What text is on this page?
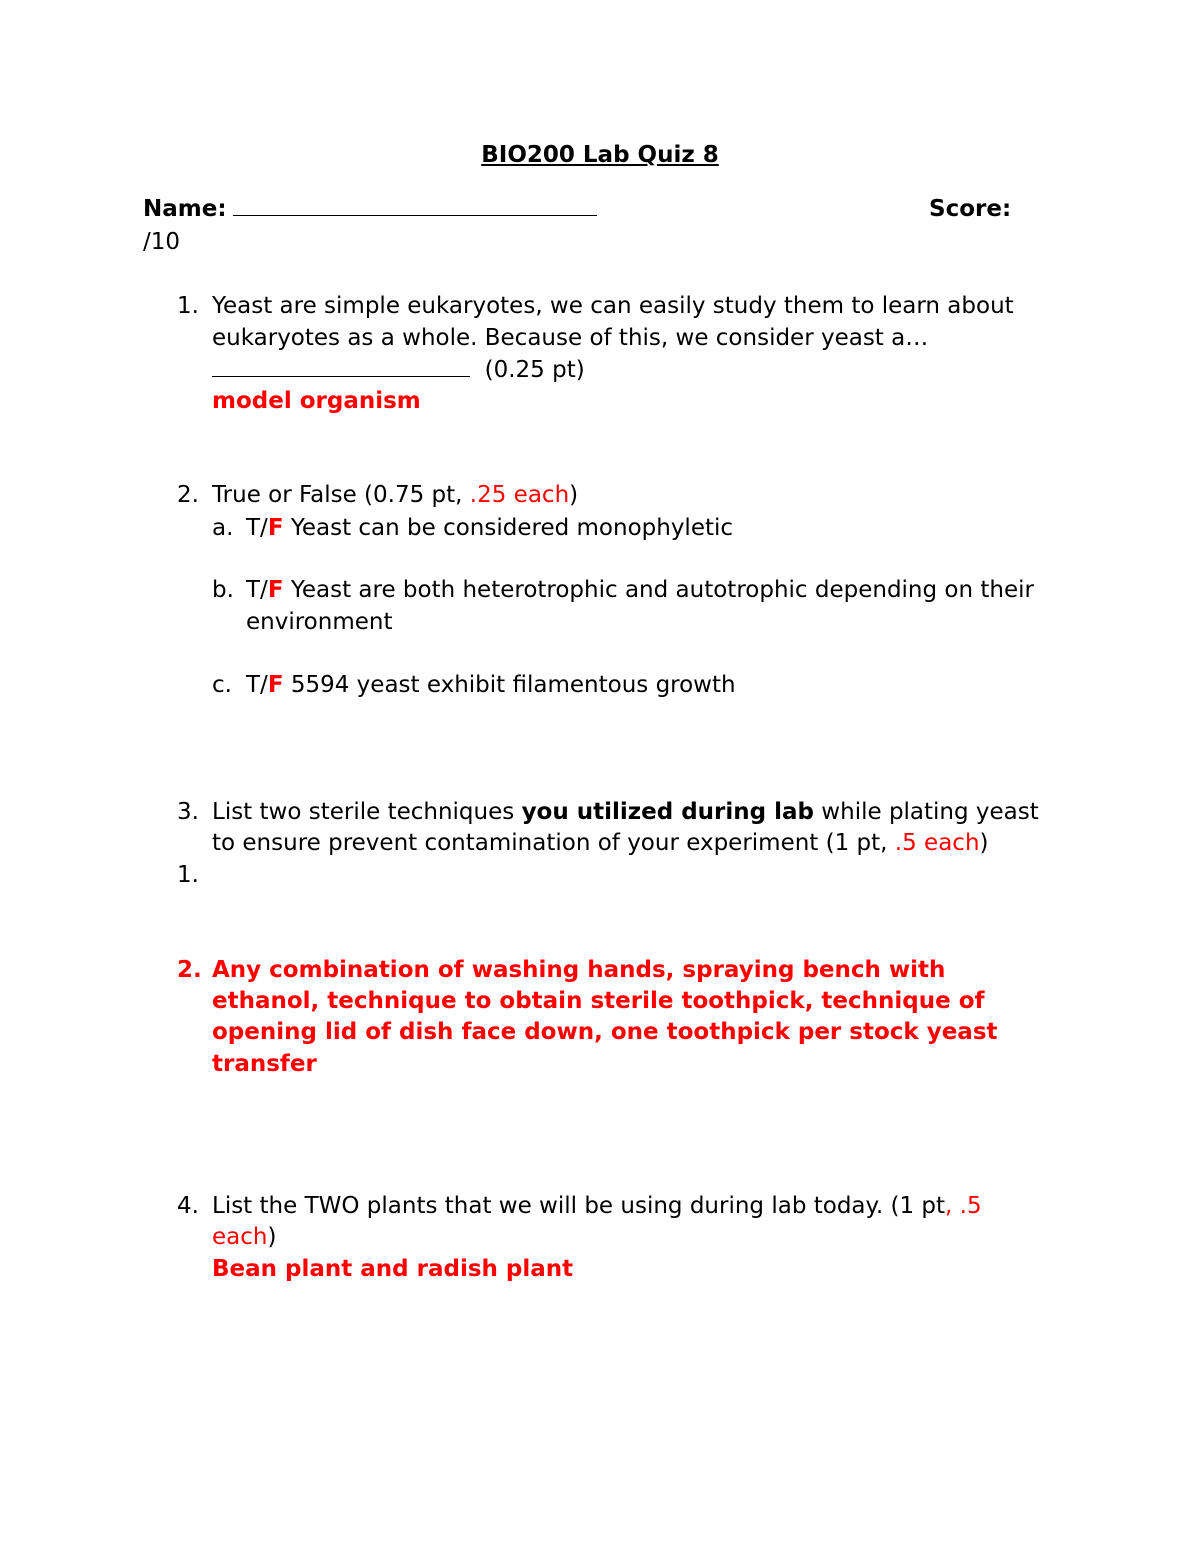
BIO200 Lab Quiz 8
Name:	Score:
/10
1. Yeast are simple eukaryotes, we can easily study them to learn about
eukaryotes as a whole. Because of this, we consider yeast a…
(0.25 pt)
model organism
2. True or False (0.75 pt, .25 each)
a. T/F Yeast can be considered monophyletic
b. T/F Yeast are both heterotrophic and autotrophic depending on their
environment
c. T/F 5594 yeast exhibit filamentous growth
3. List two sterile techniques you utilized during lab while plating yeast
to ensure prevent contamination of your experiment (1 pt, .5 each)
1.
2. Any combination of washing hands, spraying bench with
ethanol, technique to obtain sterile toothpick, technique of
opening lid of dish face down, one toothpick per stock yeast
transfer
4. List the TWO plants that we will be using during lab today. (1 pt, .5
each)
Bean plant and radish plant
